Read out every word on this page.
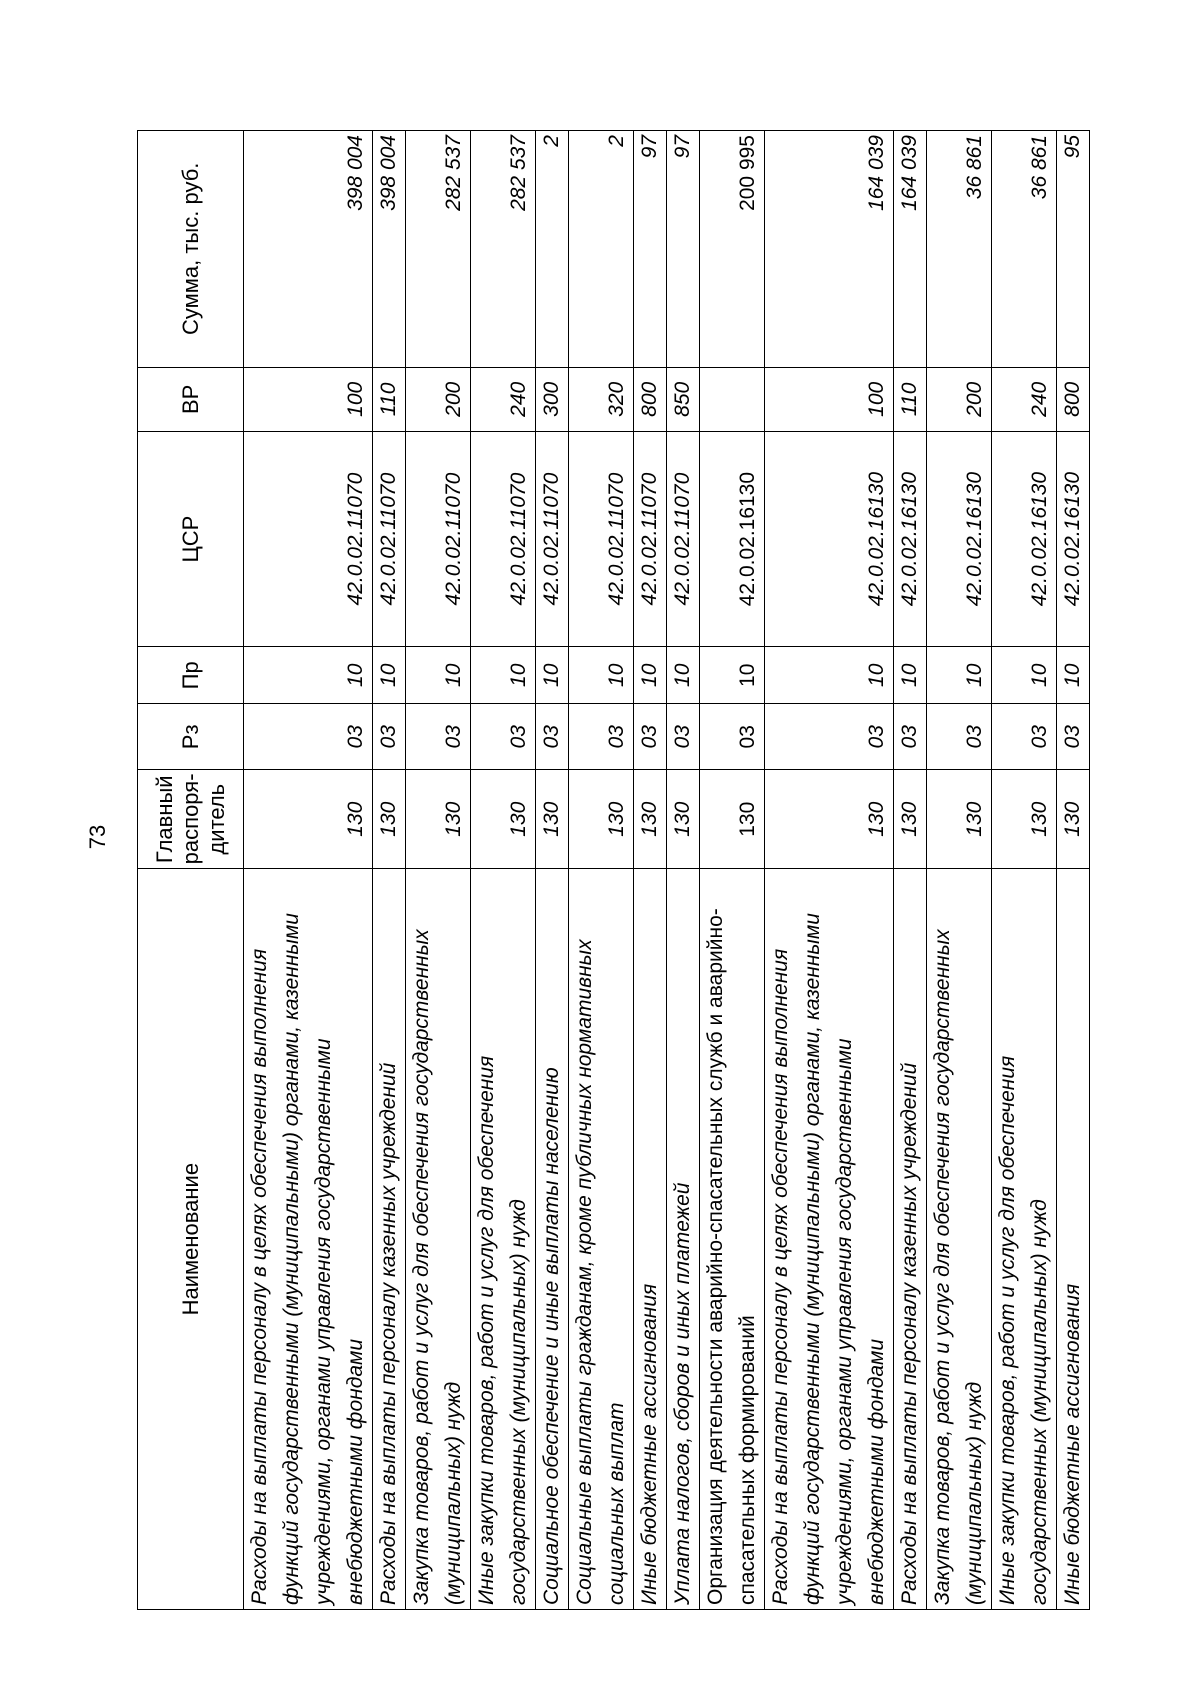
73
Наименование	Главный распоря-дитель	Рз	Пр	ЦСР	ВР	Сумма, тыс. руб.
Расходы на выплаты персоналу в целях обеспечения выполнения функций государственными (муниципальными) органами, казенными учреждениями, органами управления государственными внебюджетными фондами	130	03	10	42.0.02.11070	100	398 004
Расходы на выплаты персоналу казенных учреждений	130	03	10	42.0.02.11070	110	398 004
Закупка товаров, работ и услуг для обеспечения государственных (муниципальных) нужд	130	03	10	42.0.02.11070	200	282 537
Иные закупки товаров, работ и услуг для обеспечения государственных (муниципальных) нужд	130	03	10	42.0.02.11070	240	282 537
Социальное обеспечение и иные выплаты населению	130	03	10	42.0.02.11070	300	2
Социальные выплаты гражданам, кроме публичных нормативных социальных выплат	130	03	10	42.0.02.11070	320	2
Иные бюджетные ассигнования	130	03	10	42.0.02.11070	800	97
Уплата налогов, сборов и иных платежей	130	03	10	42.0.02.11070	850	97
Организация деятельности аварийно-спасательных служб и аварийно-спасательных формирований	130	03	10	42.0.02.16130		200 995
Расходы на выплаты персоналу в целях обеспечения выполнения функций государственными (муниципальными) органами, казенными учреждениями, органами управления государственными внебюджетными фондами	130	03	10	42.0.02.16130	100	164 039
Расходы на выплаты персоналу казенных учреждений	130	03	10	42.0.02.16130	110	164 039
Закупка товаров, работ и услуг для обеспечения государственных (муниципальных) нужд	130	03	10	42.0.02.16130	200	36 861
Иные закупки товаров, работ и услуг для обеспечения государственных (муниципальных) нужд	130	03	10	42.0.02.16130	240	36 861
Иные бюджетные ассигнования	130	03	10	42.0.02.16130	800	95
